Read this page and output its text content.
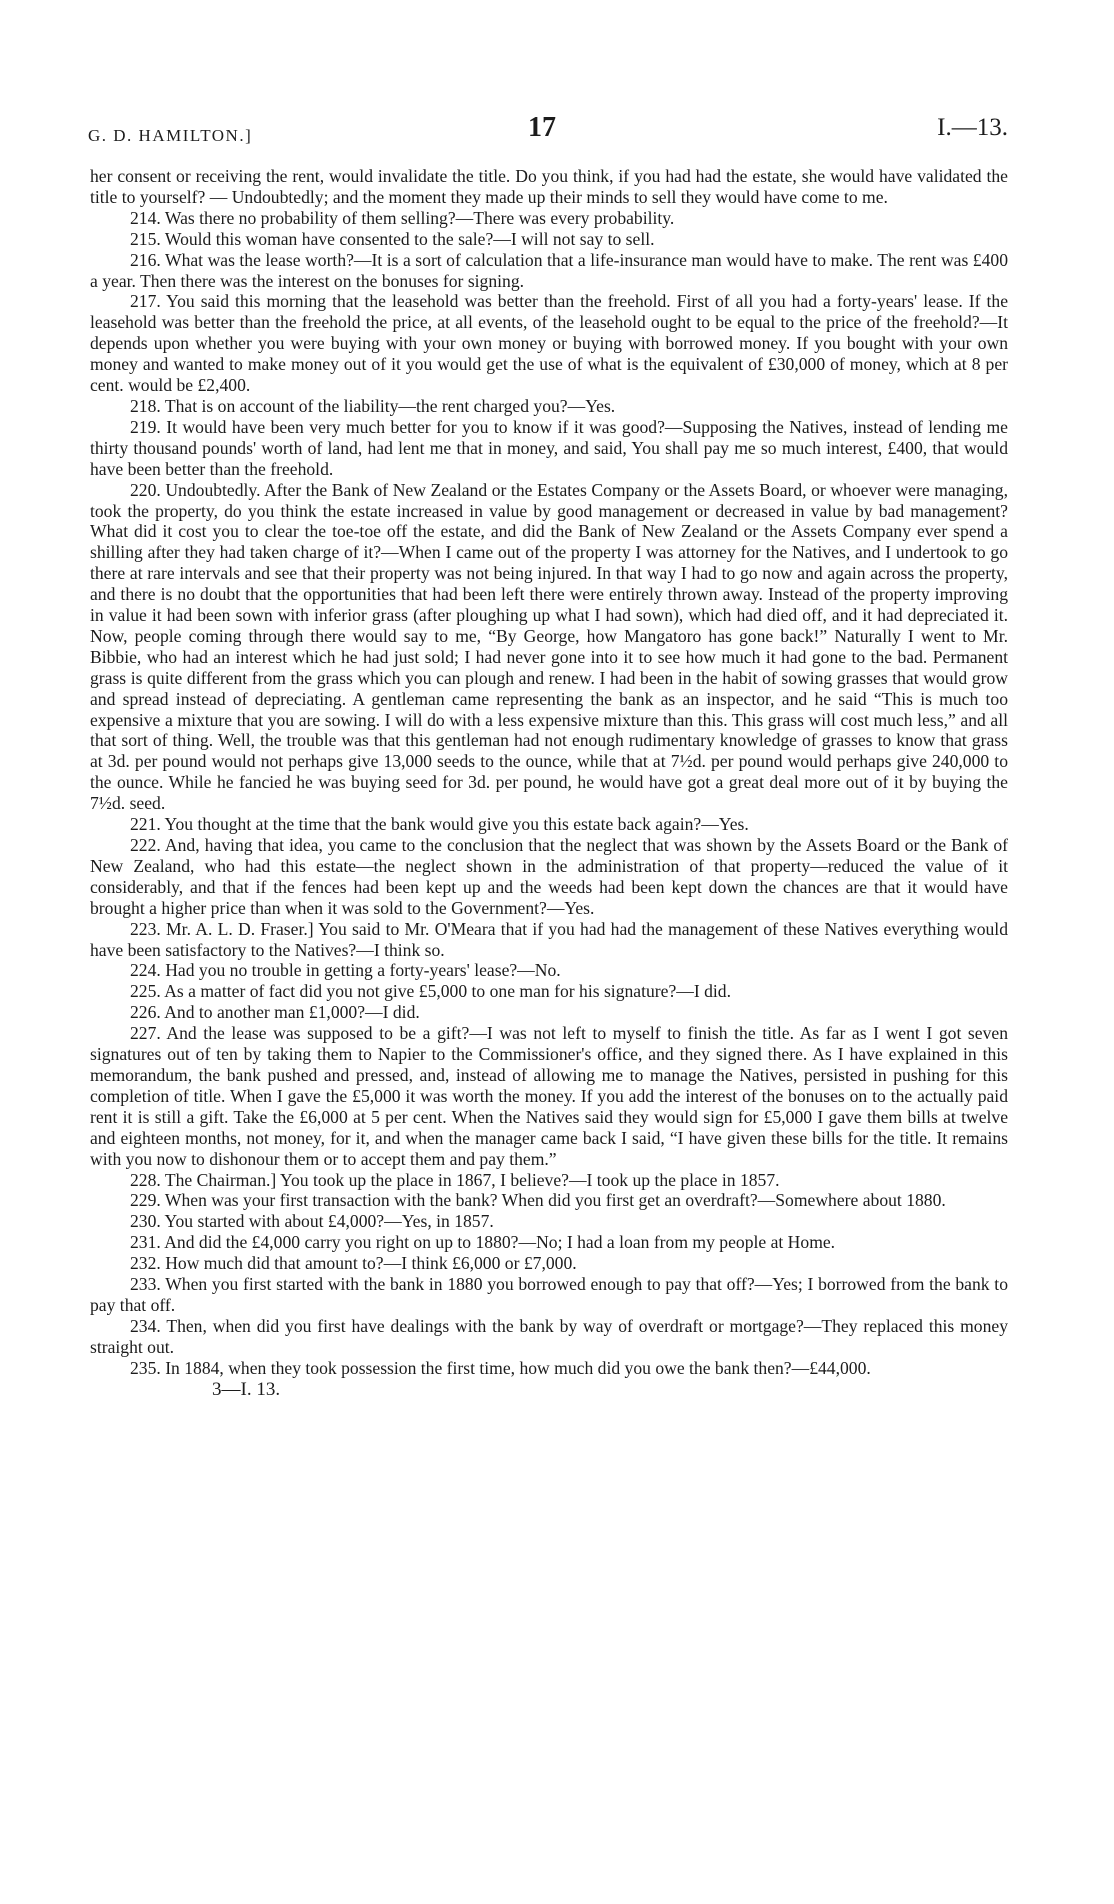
G. D. HAMILTON.]	17	I.—13.

her consent or receiving the rent, would invalidate the title. Do you think, if you had had the estate, she would have validated the title to yourself? — Undoubtedly; and the moment they made up their minds to sell they would have come to me.

214. Was there no probability of them selling?—There was every probability.

215. Would this woman have consented to the sale?—I will not say to sell.

216. What was the lease worth?—It is a sort of calculation that a life-insurance man would have to make. The rent was £400 a year. Then there was the interest on the bonuses for signing.

217. You said this morning that the leasehold was better than the freehold. First of all you had a forty-years' lease. If the leasehold was better than the freehold the price, at all events, of the leasehold ought to be equal to the price of the freehold?—It depends upon whether you were buying with your own money or buying with borrowed money. If you bought with your own money and wanted to make money out of it you would get the use of what is the equivalent of £30,000 of money, which at 8 per cent. would be £2,400.

218. That is on account of the liability—the rent charged you?—Yes.

219. It would have been very much better for you to know if it was good?—Supposing the Natives, instead of lending me thirty thousand pounds' worth of land, had lent me that in money, and said, You shall pay me so much interest, £400, that would have been better than the freehold.

220. Undoubtedly. After the Bank of New Zealand or the Estates Company or the Assets Board, or whoever were managing, took the property, do you think the estate increased in value by good management or decreased in value by bad management? What did it cost you to clear the toe-toe off the estate, and did the Bank of New Zealand or the Assets Company ever spend a shilling after they had taken charge of it?—When I came out of the property I was attorney for the Natives, and I undertook to go there at rare intervals and see that their property was not being injured. In that way I had to go now and again across the property, and there is no doubt that the opportunities that had been left there were entirely thrown away. Instead of the property improving in value it had been sown with inferior grass (after ploughing up what I had sown), which had died off, and it had depreciated it. Now, people coming through there would say to me, “By George, how Mangatoro has gone back!” Naturally I went to Mr. Bibbie, who had an interest which he had just sold; I had never gone into it to see how much it had gone to the bad. Permanent grass is quite different from the grass which you can plough and renew. I had been in the habit of sowing grasses that would grow and spread instead of depreciating. A gentleman came representing the bank as an inspector, and he said “This is much too expensive a mixture that you are sowing. I will do with a less expensive mixture than this. This grass will cost much less,” and all that sort of thing. Well, the trouble was that this gentleman had not enough rudimentary knowledge of grasses to know that grass at 3d. per pound would not perhaps give 13,000 seeds to the ounce, while that at 7½d. per pound would perhaps give 240,000 to the ounce. While he fancied he was buying seed for 3d. per pound, he would have got a great deal more out of it by buying the 7½d. seed.

221. You thought at the time that the bank would give you this estate back again?—Yes.

222. And, having that idea, you came to the conclusion that the neglect that was shown by the Assets Board or the Bank of New Zealand, who had this estate—the neglect shown in the administration of that property—reduced the value of it considerably, and that if the fences had been kept up and the weeds had been kept down the chances are that it would have brought a higher price than when it was sold to the Government?—Yes.

223. Mr. A. L. D. Fraser.] You said to Mr. O'Meara that if you had had the management of these Natives everything would have been satisfactory to the Natives?—I think so.

224. Had you no trouble in getting a forty-years' lease?—No.

225. As a matter of fact did you not give £5,000 to one man for his signature?—I did.

226. And to another man £1,000?—I did.

227. And the lease was supposed to be a gift?—I was not left to myself to finish the title. As far as I went I got seven signatures out of ten by taking them to Napier to the Commissioner's office, and they signed there. As I have explained in this memorandum, the bank pushed and pressed, and, instead of allowing me to manage the Natives, persisted in pushing for this completion of title. When I gave the £5,000 it was worth the money. If you add the interest of the bonuses on to the actually paid rent it is still a gift. Take the £6,000 at 5 per cent. When the Natives said they would sign for £5,000 I gave them bills at twelve and eighteen months, not money, for it, and when the manager came back I said, “I have given these bills for the title. It remains with you now to dishonour them or to accept them and pay them.”

228. The Chairman.] You took up the place in 1867, I believe?—I took up the place in 1857.

229. When was your first transaction with the bank? When did you first get an overdraft?—Somewhere about 1880.

230. You started with about £4,000?—Yes, in 1857.

231. And did the £4,000 carry you right on up to 1880?—No; I had a loan from my people at Home.

232. How much did that amount to?—I think £6,000 or £7,000.

233. When you first started with the bank in 1880 you borrowed enough to pay that off?—Yes; I borrowed from the bank to pay that off.

234. Then, when did you first have dealings with the bank by way of overdraft or mortgage?—They replaced this money straight out.

235. In 1884, when they took possession the first time, how much did you owe the bank then?—£44,000.

3—I. 13.
